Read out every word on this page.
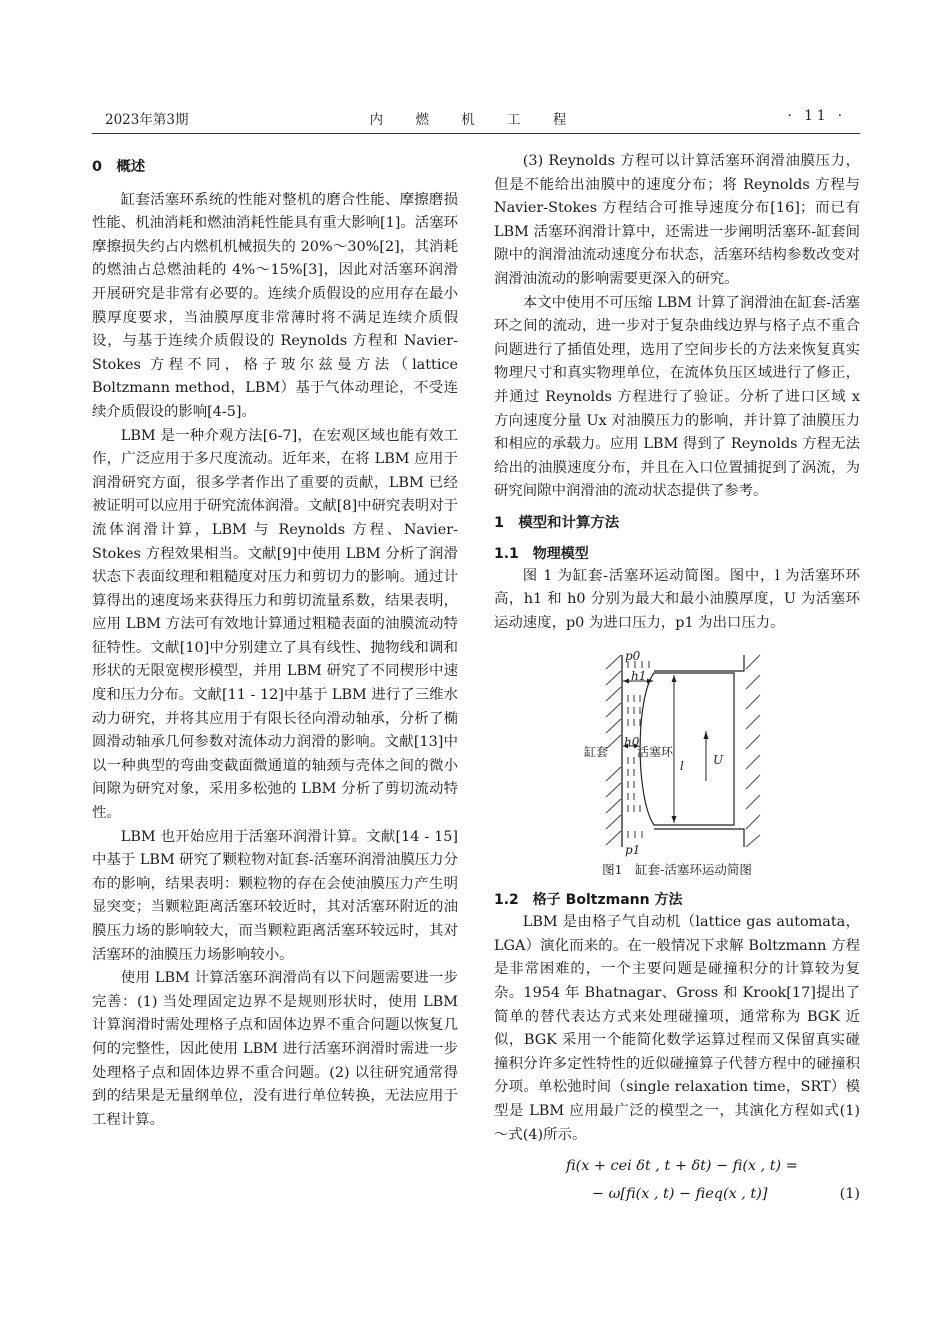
2023年第3期	内 燃 机 工 程	· 11 ·
0　概述

缸套活塞环系统的性能对整机的磨合性能、摩擦磨损性能、机油消耗和燃油消耗性能具有重大影响[1]。活塞环摩擦损失约占内燃机机械损失的 20%～30%[2]，其消耗的燃油占总燃油耗的 4%～15%[3]，因此对活塞环润滑开展研究是非常有必要的。连续介质假设的应用存在最小膜厚度要求，当油膜厚度非常薄时将不满足连续介质假设，与基于连续介质假设的 Reynolds 方程和 Navier-Stokes 方程不同，格子玻尔兹曼方法（lattice Boltzmann method，LBM）基于气体动理论，不受连续介质假设的影响[4-5]。

LBM 是一种介观方法[6-7]，在宏观区域也能有效工作，广泛应用于多尺度流动。近年来，在将 LBM 应用于润滑研究方面，很多学者作出了重要的贡献，LBM 已经被证明可以应用于研究流体润滑。文献[8]中研究表明对于流体润滑计算，LBM 与 Reynolds 方程、Navier-Stokes 方程效果相当。文献[9]中使用 LBM 分析了润滑状态下表面纹理和粗糙度对压力和剪切力的影响。通过计算得出的速度场来获得压力和剪切流量系数，结果表明，应用 LBM 方法可有效地计算通过粗糙表面的油膜流动特征特性。文献[10]中分别建立了具有线性、抛物线和调和形状的无限宽楔形模型，并用 LBM 研究了不同楔形中速度和压力分布。文献[11 - 12]中基于 LBM 进行了三维水动力研究，并将其应用于有限长径向滑动轴承，分析了椭圆滑动轴承几何参数对流体动力润滑的影响。文献[13]中以一种典型的弯曲变截面微通道的轴颈与壳体之间的微小间隙为研究对象，采用多松弛的 LBM 分析了剪切流动特性。

LBM 也开始应用于活塞环润滑计算。文献[14 - 15]中基于 LBM 研究了颗粒物对缸套-活塞环润滑油膜压力分布的影响，结果表明：颗粒物的存在会使油膜压力产生明显突变；当颗粒距离活塞环较近时，其对活塞环附近的油膜压力场的影响较大，而当颗粒距离活塞环较远时，其对活塞环的油膜压力场影响较小。

使用 LBM 计算活塞环润滑尚有以下问题需要进一步完善：(1) 当处理固定边界不是规则形状时，使用 LBM 计算润滑时需处理格子点和固体边界不重合问题以恢复几何的完整性，因此使用 LBM 进行活塞环润滑时需进一步处理格子点和固体边界不重合问题。(2) 以往研究通常得到的结果是无量纲单位，没有进行单位转换，无法应用于工程计算。

(3) Reynolds 方程可以计算活塞环润滑油膜压力，但是不能给出油膜中的速度分布；将 Reynolds 方程与 Navier-Stokes 方程结合可推导速度分布[16]；而已有 LBM 活塞环润滑计算中，还需进一步阐明活塞环-缸套间隙中的润滑油流动速度分布状态，活塞环结构参数改变对润滑油流动的影响需要更深入的研究。

本文中使用不可压缩 LBM 计算了润滑油在缸套-活塞环之间的流动，进一步对于复杂曲线边界与格子点不重合问题进行了插值处理，选用了空间步长的方法来恢复真实物理尺寸和真实物理单位，在流体负压区域进行了修正，并通过 Reynolds 方程进行了验证。分析了进口区域 x 方向速度分量 Ux 对油膜压力的影响，并计算了油膜压力和相应的承载力。应用 LBM 得到了 Reynolds 方程无法给出的油膜速度分布，并且在入口位置捕捉到了涡流，为研究间隙中润滑油的流动状态提供了参考。

1　模型和计算方法
1.1　物理模型

图 1 为缸套-活塞环运动简图。图中，l 为活塞环环高，h1 和 h0 分别为最大和最小油膜厚度，U 为活塞环运动速度，p0 为进口压力，p1 为出口压力。

p0
h1
h0
l U
缸套 活塞环
p1
图1　缸套-活塞环运动简图
1.2　格子 Boltzmann 方法

LBM 是由格子气自动机（lattice gas automata，LGA）演化而来的。在一般情况下求解 Boltzmann 方程是非常困难的，一个主要问题是碰撞积分的计算较为复杂。1954 年 Bhatnagar、Gross 和 Krook[17]提出了简单的替代表达方式来处理碰撞项，通常称为 BGK 近似，BGK 采用一个能简化数学运算过程而又保留真实碰撞积分许多定性特性的近似碰撞算子代替方程中的碰撞积分项。单松弛时间（single relaxation time，SRT）模型是 LBM 应用最广泛的模型之一，其演化方程如式(1)～式(4)所示。

fi(x + cei δt , t + δt) − fi(x , t) =
− ω[fi(x , t) − fieq(x , t)]	(1)
